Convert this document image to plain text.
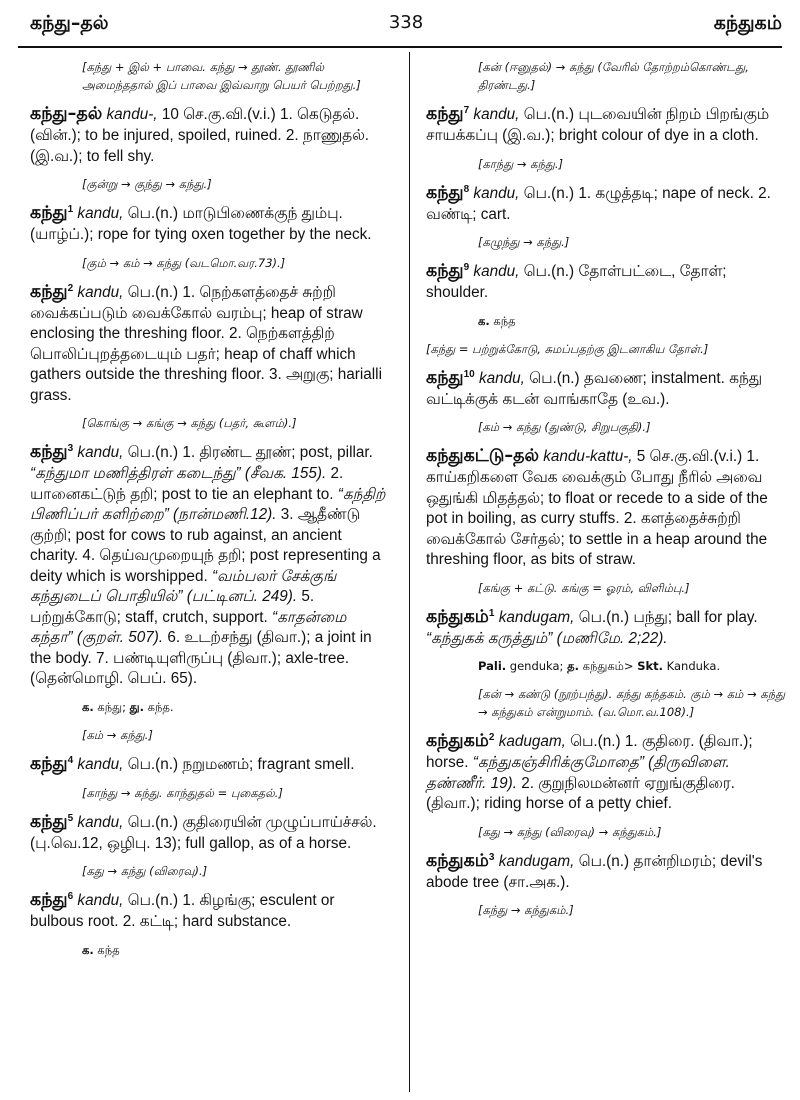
கந்து–தல்	338	கந்துகம்
[கந்து + இல் + பாவை. கந்து → தூண். தூணில் அமைந்ததால் இப் பாவை இவ்வாறு பெயர் பெற்றது.]
கந்து–தல் kandu-, 10 செ.கு.வி.(v.i.) 1. கெடுதல். (வின்.); to be injured, spoiled, ruined. 2. நாணுதல். (இ.வ.); to fell shy.
[குன்று → குந்து → கந்து.]
கந்து$^1$ kandu, பெ.(n.) மாடுபிணைக்குந் தும்பு. (யாழ்ப்.); rope for tying oxen together by the neck.
[கும் → கம் → கந்து (வடமொ.வர.73).]
கந்து$^2$ kandu, பெ.(n.) 1. நெற்களத்தைச் சுற்றி வைக்கப்படும் வைக்கோல் வரம்பு; heap of straw enclosing the threshing floor. 2. நெற்களத்திற் பொலிப்புறத்தடையும் பதர்; heap of chaff which gathers outside the threshing floor. 3. அறுகு; harialli grass.
[கொங்கு → கங்கு → கந்து (பதர், கூளம்).]
கந்து$^3$ kandu, பெ.(n.) 1. திரண்ட தூண்; post, pillar. “கந்துமா மணித்திரள் கடைந்து” (சீவக. 155). 2. யானைகட்டுந் தறி; post to tie an elephant to. “கந்திற் பிணிப்பர் களிற்றை” (நான்மணி.12). 3. ஆதீண்டு குற்றி; post for cows to rub against, an ancient charity. 4. தெய்வமுறையுந் தறி; post representing a deity which is worshipped. “வம்பலர் சேக்குங் கந்துடைப் பொதியில்” (பட்டினப். 249). 5. பற்றுக்கோடு; staff, crutch, support. “காதன்மை கந்தா” (குறள். 507). 6. உடற்சந்து (திவா.); a joint in the body. 7. பண்டியுளிருப்பு (திவா.); axle-tree. (தென்மொழி. பெப். 65).
க. கந்து; து. கந்த.
[கம் → கந்து.]
கந்து$^4$ kandu, பெ.(n.) நறுமணம்; fragrant smell.
[காந்து → கந்து. காந்துதல் = புகைதல்.]
கந்து$^5$ kandu, பெ.(n.) குதிரையின் முழுப்பாய்ச்சல். (பு.வெ.12, ஒழிபு. 13); full gallop, as of a horse.
[கது → கந்து (விரைவு).]
கந்து$^6$ kandu, பெ.(n.) 1. கிழங்கு; esculent or bulbous root. 2. கட்டி; hard substance.
க. கந்த
[கன் (ஈனுதல்) → கந்து (வேரில் தோற்றம்கொண்டது, திரண்டது.]
கந்து$^7$ kandu, பெ.(n.) புடவையின் நிறம் பிறங்கும் சாயக்கப்பு (இ.வ.); bright colour of dye in a cloth.
[காந்து → கந்து.]
கந்து$^8$ kandu, பெ.(n.) 1. கழுத்தடி; nape of neck. 2. வண்டி; cart.
[கழுந்து → கந்து.]
கந்து$^9$ kandu, பெ.(n.) தோள்பட்டை, தோள்; shoulder.
க. கந்த
[கந்து = பற்றுக்கோடு, சுமப்பதற்கு இடனாகிய தோள்.]
கந்து$^{10}$ kandu, பெ.(n.) தவணை; instalment. கந்து வட்டிக்குக் கடன் வாங்காதே (உவ.).
[கம் → கந்து (துண்டு, சிறுபகுதி).]
கந்துகட்டு–தல் kandu-kattu-, 5 செ.கு.வி.(v.i.) 1. காய்கறிகளை வேக வைக்கும் போது நீரில் அவை ஒதுங்கி மிதத்தல்; to float or recede to a side of the pot in boiling, as curry stuffs. 2. களத்தைச்சுற்றி வைக்கோல் சேர்தல்; to settle in a heap around the threshing floor, as bits of straw.
[கங்கு + கட்டு. கங்கு = ஓரம், விளிம்பு.]
கந்துகம்$^1$ kandugam, பெ.(n.) பந்து; ball for play. “கந்துகக் கருத்தும்” (மணிமே. 2;22).
Pali. genduka; த. கந்துகம்> Skt. Kanduka.
[கன் → கண்டு (நூற்பந்து). கந்து கந்தகம். கும் → கம் → கந்து → கந்துகம் என்றுமாம். (வ.மொ.வ.108).]
கந்துகம்$^2$ kadugam, பெ.(n.) 1. குதிரை. (திவா.); horse. “கந்துகஞ்சிரிக்குமோதை” (திருவிளை. தண்ணீர். 19). 2. குறுநிலமன்னர் ஏறுங்குதிரை. (திவா.); riding horse of a petty chief.
[கது → கந்து (விரைவு) → கந்துகம்.]
கந்துகம்$^3$ kandugam, பெ.(n.) தான்றிமரம்; devil's abode tree (சா.அக.).
[கந்து → கந்துகம்.]
